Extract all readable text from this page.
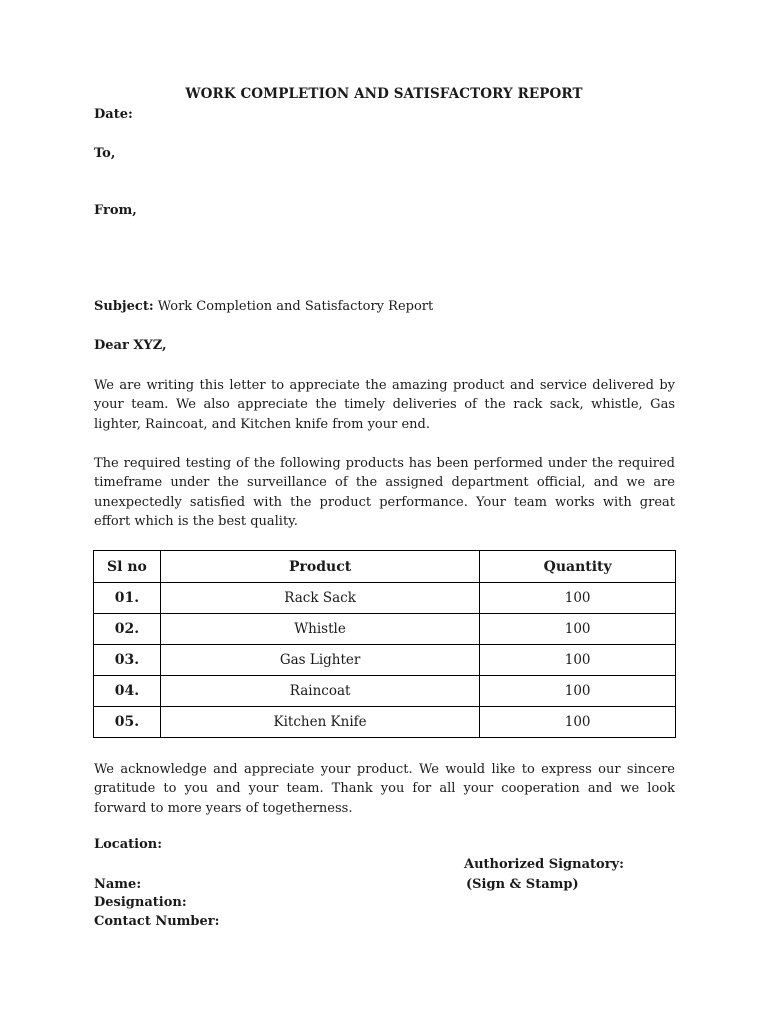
WORK COMPLETION AND SATISFACTORY REPORT
Date:
To,
From,
Subject: Work Completion and Satisfactory Report
Dear XYZ,
We are writing this letter to appreciate the amazing product and service delivered by your team. We also appreciate the timely deliveries of the rack sack, whistle, Gas lighter, Raincoat, and Kitchen knife from your end.
The required testing of the following products has been performed under the required timeframe under the surveillance of the assigned department official, and we are unexpectedly satisfied with the product performance. Your team works with great effort which is the best quality.
Sl no	Product	Quantity
01.	Rack Sack	100
02.	Whistle	100
03.	Gas Lighter	100
04.	Raincoat	100
05.	Kitchen Knife	100
We acknowledge and appreciate your product. We would like to express our sincere gratitude to you and your team. Thank you for all your cooperation and we look forward to more years of togetherness.
Location:
Authorized Signatory:
(Sign & Stamp)
Name:
Designation:
Contact Number:
